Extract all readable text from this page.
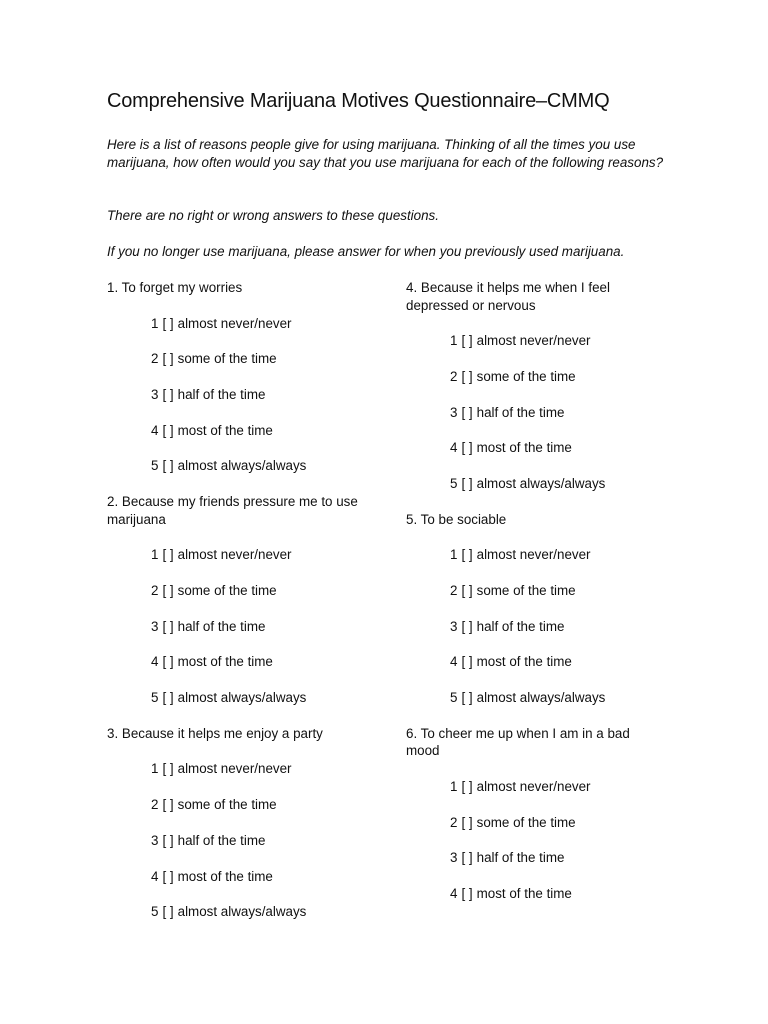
Comprehensive Marijuana Motives Questionnaire–CMMQ

Here is a list of reasons people give for using marijuana. Thinking of all the times you use marijuana, how often would you say that you use marijuana for each of the following reasons?

There are no right or wrong answers to these questions.

If you no longer use marijuana, please answer for when you previously used marijuana.

1. To forget my worries

1 [ ] almost never/never
2 [ ] some of the time
3 [ ] half of the time
4 [ ] most of the time
5 [ ] almost always/always

2. Because my friends pressure me to use marijuana

1 [ ] almost never/never
2 [ ] some of the time
3 [ ] half of the time
4 [ ] most of the time
5 [ ] almost always/always

3. Because it helps me enjoy a party

1 [ ] almost never/never
2 [ ] some of the time
3 [ ] half of the time
4 [ ] most of the time
5 [ ] almost always/always

4. Because it helps me when I feel depressed or nervous

1 [ ] almost never/never
2 [ ] some of the time
3 [ ] half of the time
4 [ ] most of the time
5 [ ] almost always/always

5. To be sociable

1 [ ] almost never/never
2 [ ] some of the time
3 [ ] half of the time
4 [ ] most of the time
5 [ ] almost always/always

6. To cheer me up when I am in a bad mood

1 [ ] almost never/never
2 [ ] some of the time
3 [ ] half of the time
4 [ ] most of the time
